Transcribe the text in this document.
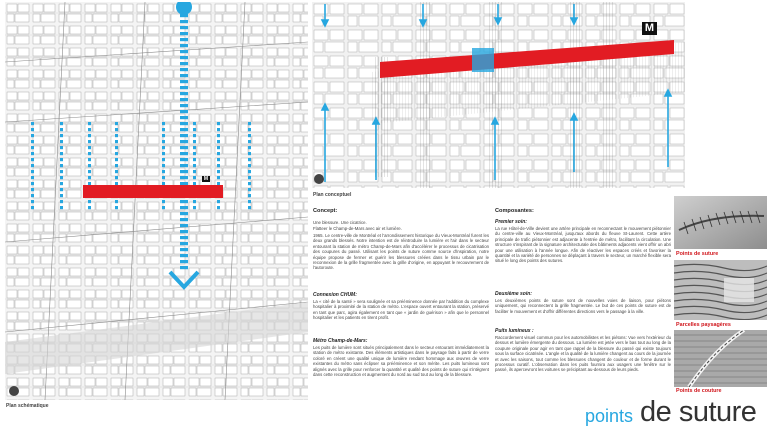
M
Plan schématique
M
Plan conceptuel
Concept:
Une blessure. Une cicatrice.
Flatteer le Champ-de-Mars avec air et lumière.
1965. Le centre-ville de Montréal et l'arrondissement historique du Vieux-Montréal furent les deux grands blessés. Notre intention est de réintroduire la lumière et l'air dans le secteur entourant la station de métro Champ-de-Mars afin d'accélérer le processus de cicatrisation des coupures du passé. Utilisant les points de suture comme source d'inspiration, notre équipe propose de fermer et guérir les blessures créées dans le tissu urbain par le reconnexion de la grille fragmentée avec la grille d'origine, en appuyant le recouvrement de l'autoroute.
Connexion CHUM:
La « cité de la santé » sera soulignée et sa prééminence donnée par l'addition du complexe hospitalier à proximité de la station de métro. L'espace ouvert entourant la station, préservé en tant que parc, agira également en tant que « jardin de guérison » afin que le personnel hospitalier et les patients en tirent profit.
Métro Champ-de-Mars:
Les puits de lumière sont situés principalement dans le secteur entourant immédiatement la station de métro existante. Des éléments artistiques dans le paysage faits à partir de verre coloré en créent une qualité unique de lumière rendant hommage aux œuvres de verre existantes du métro sans éclipser sa prééminence et son mérite. Les puits lumineux sont alignés avec la grille pour renforcer la quantité et qualité des points de suture qui s'intègrent dans cette reconstruction et augmentent du nord au sud tout au long de la blessure.
Composantes:
Premier soin:
La rue Hôtel-de-Ville devient une artère principale en reconnectant le mouvement piétonnier du centre-ville au Vieux-Montréal, jusqu'aux abords du fleuve St-Laurent. Cette artère principale de trafic piétonnier est adjacente à l'entrée de métro, facilitant la circulation. Une structure s'inspirant de la signature architecturale des bâtiments adjacents vient offrir un abri pour une utilisation à l'année longue. Afin de réactiver les espaces créés et favoriser la quantité et la variété de personnes se déplaçant à travers le secteur, un marché flexible sera situé le long des points des sutures.
Deuxième soin:
Les deuxièmes points de suture sont de nouvelles voies de liaison, pour piétons uniquement, qui reconnectent la grille fragmentée. Le but de ces points de suture est de faciliter le mouvement et d'offrir différentes directions vers le passage à la ville.
Puits lumineux :
Raccordement visuel commun pour les automobilistes et les piétons: Vue vers l'extérieur du dessus et lumière émergente du dessous. La lumière est jetée vers le bas tout au long de la coupure originale pour agir en tant que rappel de la blessure du passé qui existe toujours sous la surface cicatrisée. L'angle et la qualité de la lumière changent au cours de la journée et avec les saisons, tout comme les blessures changent de couleur et de forme durant le processus curatif. L'observation dans les puits fournira aux usagers une fenêtre sur le passé, ils apercevront les voitures se précipitant au-dessous de leurs pieds.
Points de suture
Parcelles paysagères
Points de couture
points de suture
